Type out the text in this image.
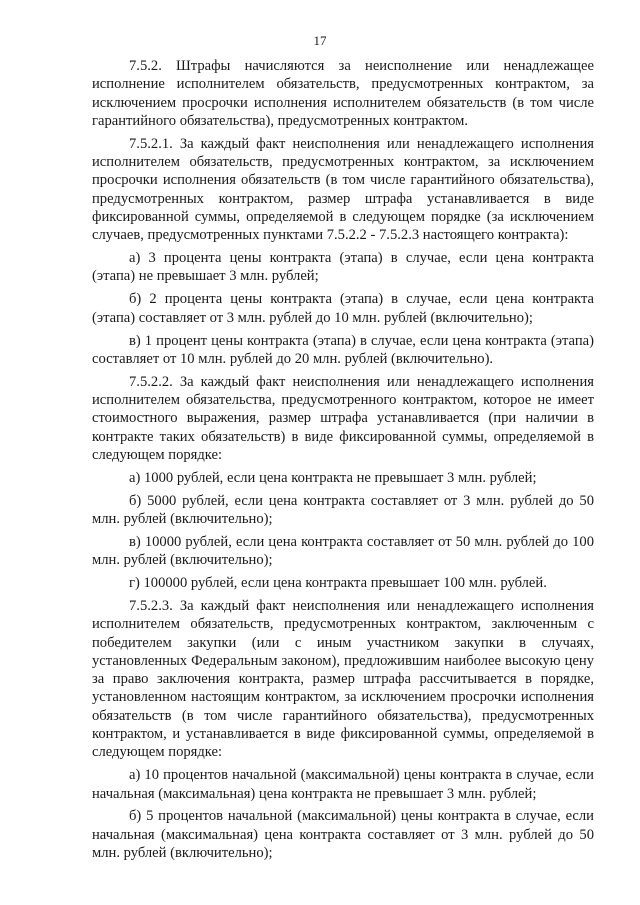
17

7.5.2. Штрафы начисляются за неисполнение или ненадлежащее исполнение исполнителем обязательств, предусмотренных контрактом, за исключением просрочки исполнения исполнителем обязательств (в том числе гарантийного обязательства), предусмотренных контрактом.

7.5.2.1. За каждый факт неисполнения или ненадлежащего исполнения исполнителем обязательств, предусмотренных контрактом, за исключением просрочки исполнения обязательств (в том числе гарантийного обязательства), предусмотренных контрактом, размер штрафа устанавливается в виде фиксированной суммы, определяемой в следующем порядке (за исключением случаев, предусмотренных пунктами 7.5.2.2 - 7.5.2.3 настоящего контракта):

а) 3 процента цены контракта (этапа) в случае, если цена контракта (этапа) не превышает 3 млн. рублей;

б) 2 процента цены контракта (этапа) в случае, если цена контракта (этапа) составляет от 3 млн. рублей до 10 млн. рублей (включительно);

в) 1 процент цены контракта (этапа) в случае, если цена контракта (этапа) составляет от 10 млн. рублей до 20 млн. рублей (включительно).

7.5.2.2. За каждый факт неисполнения или ненадлежащего исполнения исполнителем обязательства, предусмотренного контрактом, которое не имеет стоимостного выражения, размер штрафа устанавливается (при наличии в контракте таких обязательств) в виде фиксированной суммы, определяемой в следующем порядке:

а) 1000 рублей, если цена контракта не превышает 3 млн. рублей;

б) 5000 рублей, если цена контракта составляет от 3 млн. рублей до 50 млн. рублей (включительно);

в) 10000 рублей, если цена контракта составляет от 50 млн. рублей до 100 млн. рублей (включительно);

г) 100000 рублей, если цена контракта превышает 100 млн. рублей.

7.5.2.3. За каждый факт неисполнения или ненадлежащего исполнения исполнителем обязательств, предусмотренных контрактом, заключенным с победителем закупки (или с иным участником закупки в случаях, установленных Федеральным законом), предложившим наиболее высокую цену за право заключения контракта, размер штрафа рассчитывается в порядке, установленном настоящим контрактом, за исключением просрочки исполнения обязательств (в том числе гарантийного обязательства), предусмотренных контрактом, и устанавливается в виде фиксированной суммы, определяемой в следующем порядке:

а) 10 процентов начальной (максимальной) цены контракта в случае, если начальная (максимальная) цена контракта не превышает 3 млн. рублей;

б) 5 процентов начальной (максимальной) цены контракта в случае, если начальная (максимальная) цена контракта составляет от 3 млн. рублей до 50 млн. рублей (включительно);
